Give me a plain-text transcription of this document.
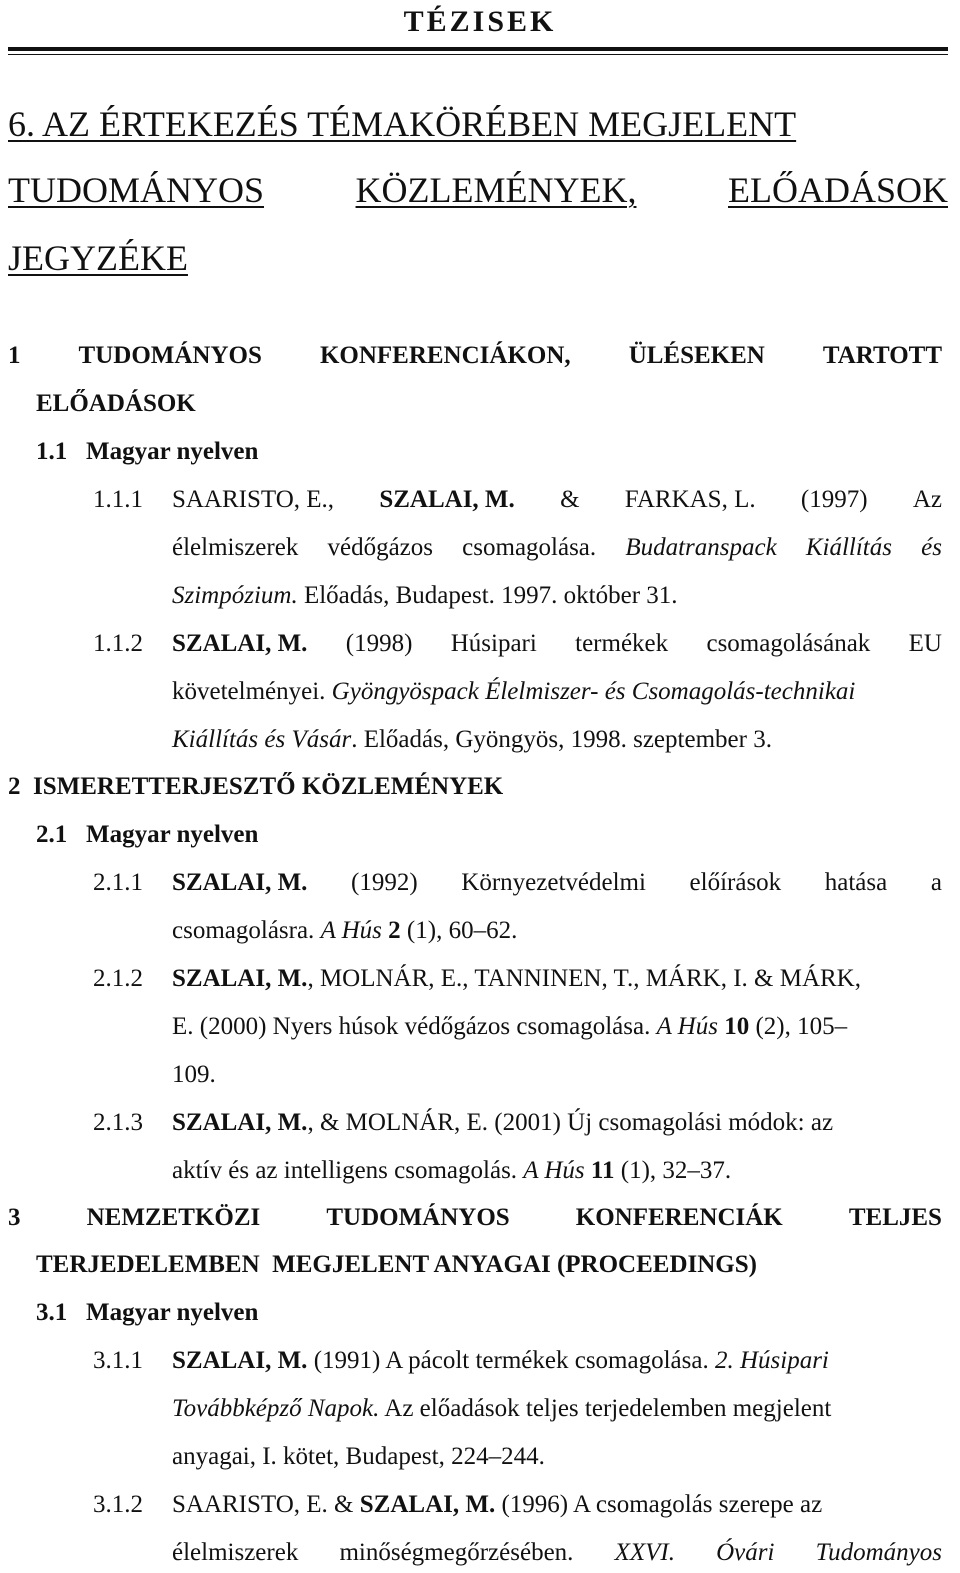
TÉZISEK
6. AZ ÉRTEKEZÉS TÉMAKÖRÉBEN MEGJELENT
TUDOMÁNYOS	KÖZLEMÉNYEK,	ELŐADÁSOK
JEGYZÉKE
1 TUDOMÁNYOS KONFERENCIÁKON, ÜLÉSEKEN TARTOTT
ELŐADÁSOK
1.1 Magyar nyelven
1.1.1 SAARISTO, E., SZALAI, M. & FARKAS, L. (1997) Az
élelmiszerek védőgázos csomagolása. Budatranspack Kiállítás és
Szimpózium. Előadás, Budapest. 1997. október 31.
1.1.2 SZALAI, M. (1998) Húsipari termékek csomagolásának EU
követelményei. Gyöngyöspack Élelmiszer- és Csomagolás-technikai
Kiállítás és Vásár. Előadás, Gyöngyös, 1998. szeptember 3.
2 ISMERETTERJESZTŐ KÖZLEMÉNYEK
2.1 Magyar nyelven
2.1.1 SZALAI, M. (1992) Környezetvédelmi előírások hatása a
csomagolásra. A Hús 2 (1), 60–62.
2.1.2 SZALAI, M., MOLNÁR, E., TANNINEN, T., MÁRK, I. & MÁRK,
E. (2000) Nyers húsok védőgázos csomagolása. A Hús 10 (2), 105–
109.
2.1.3 SZALAI, M., & MOLNÁR, E. (2001) Új csomagolási módok: az
aktív és az intelligens csomagolás. A Hús 11 (1), 32–37.
3	NEMZETKÖZI	TUDOMÁNYOS	KONFERENCIÁK	TELJES
TERJEDELEMBEN  MEGJELENT ANYAGAI (PROCEEDINGS)
3.1 Magyar nyelven
3.1.1 SZALAI, M. (1991) A pácolt termékek csomagolása. 2. Húsipari
Továbbképző Napok. Az előadások teljes terjedelemben megjelent
anyagai, I. kötet, Budapest, 224–244.
3.1.2 SAARISTO, E. & SZALAI, M. (1996) A csomagolás szerepe az
élelmiszerek minőségmegőrzésében. XXVI. Óvári Tudományos
